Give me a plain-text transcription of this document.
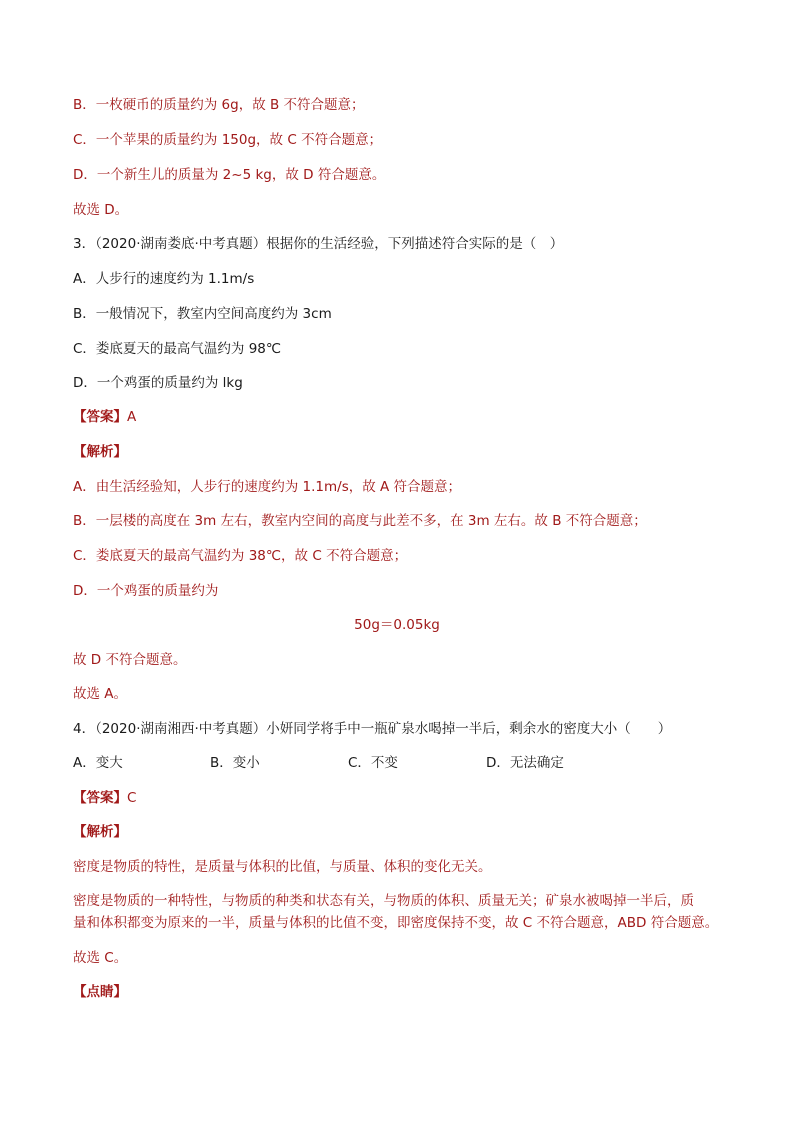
B．一枚硬币的质量约为 6g，故 B 不符合题意；
C．一个苹果的质量约为 150g，故 C 不符合题意；
D．一个新生儿的质量为 2~5 kg，故 D 符合题意。
故选 D。
3．（2020·湖南娄底·中考真题）根据你的生活经验，下列描述符合实际的是（　）
A．人步行的速度约为 1.1m/s
B．一般情况下，教室内空间高度约为 3cm
C．娄底夏天的最高气温约为 98℃
D．一个鸡蛋的质量约为 lkg
【答案】A
【解析】
A．由生活经验知，人步行的速度约为 1.1m/s，故 A 符合题意；
B．一层楼的高度在 3m 左右，教室内空间的高度与此差不多，在 3m 左右。故 B 不符合题意；
C．娄底夏天的最高气温约为 38℃，故 C 不符合题意；
D．一个鸡蛋的质量约为
50g＝0.05kg
故 D 不符合题意。
故选 A。
4．（2020·湖南湘西·中考真题）小妍同学将手中一瓶矿泉水喝掉一半后，剩余水的密度大小（　　）
A．变大	B．变小	C．不变	D．无法确定
【答案】C
【解析】
密度是物质的特性，是质量与体积的比值，与质量、体积的变化无关。
密度是物质的一种特性，与物质的种类和状态有关，与物质的体积、质量无关；矿泉水被喝掉一半后，质
量和体积都变为原来的一半，质量与体积的比值不变，即密度保持不变，故 C 不符合题意，ABD 符合题意。
故选 C。
【点睛】
